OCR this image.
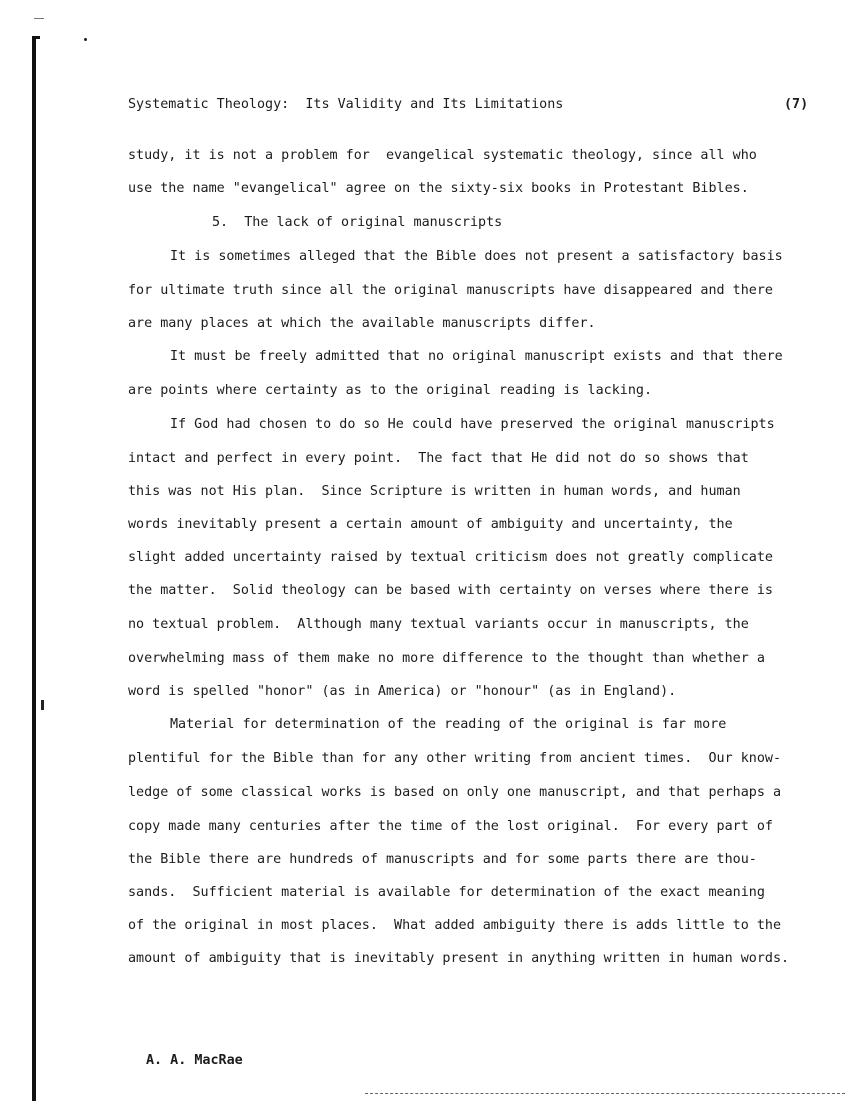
Systematic Theology:  Its Validity and Its Limitations	(7)
study, it is not a problem for  evangelical systematic theology, since all who
use the name "evangelical" agree on the sixty-six books in Protestant Bibles.
5.  The lack of original manuscripts
It is sometimes alleged that the Bible does not present a satisfactory basis
for ultimate truth since all the original manuscripts have disappeared and there
are many places at which the available manuscripts differ.
It must be freely admitted that no original manuscript exists and that there
are points where certainty as to the original reading is lacking.
If God had chosen to do so He could have preserved the original manuscripts
intact and perfect in every point.  The fact that He did not do so shows that
this was not His plan.  Since Scripture is written in human words, and human
words inevitably present a certain amount of ambiguity and uncertainty, the
slight added uncertainty raised by textual criticism does not greatly complicate
the matter.  Solid theology can be based with certainty on verses where there is
no textual problem.  Although many textual variants occur in manuscripts, the
overwhelming mass of them make no more difference to the thought than whether a
word is spelled "honor" (as in America) or "honour" (as in England).
Material for determination of the reading of the original is far more
plentiful for the Bible than for any other writing from ancient times.  Our know-
ledge of some classical works is based on only one manuscript, and that perhaps a
copy made many centuries after the time of the lost original.  For every part of
the Bible there are hundreds of manuscripts and for some parts there are thou-
sands.  Sufficient material is available for determination of the exact meaning
of the original in most places.  What added ambiguity there is adds little to the
amount of ambiguity that is inevitably present in anything written in human words.
A. A. MacRae
